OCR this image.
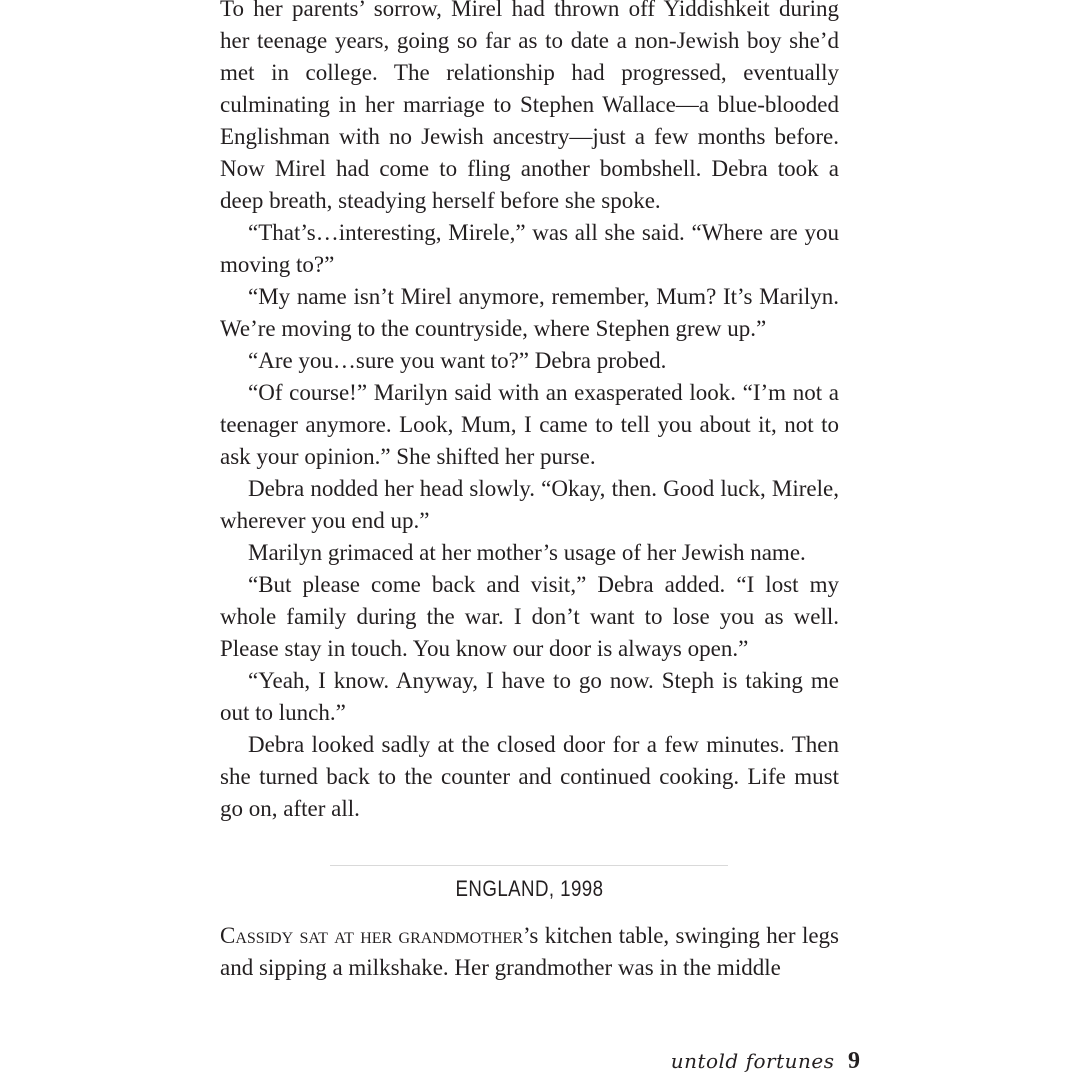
To her parents’ sorrow, Mirel had thrown off Yiddishkeit during her teenage years, going so far as to date a non-Jewish boy she’d met in college. The relationship had progressed, eventually culminating in her marriage to Stephen Wallace—a blue-blooded Englishman with no Jewish ancestry—just a few months before. Now Mirel had come to fling another bombshell. Debra took a deep breath, steadying herself before she spoke.

“That’s…interesting, Mirele,” was all she said. “Where are you moving to?”

“My name isn’t Mirel anymore, remember, Mum? It’s Marilyn. We’re moving to the countryside, where Stephen grew up.”

“Are you…sure you want to?” Debra probed.

“Of course!” Marilyn said with an exasperated look. “I’m not a teenager anymore. Look, Mum, I came to tell you about it, not to ask your opinion.” She shifted her purse.

Debra nodded her head slowly. “Okay, then. Good luck, Mirele, wherever you end up.”

Marilyn grimaced at her mother’s usage of her Jewish name.

“But please come back and visit,” Debra added. “I lost my whole family during the war. I don’t want to lose you as well. Please stay in touch. You know our door is always open.”

“Yeah, I know. Anyway, I have to go now. Steph is taking me out to lunch.”

Debra looked sadly at the closed door for a few minutes. Then she turned back to the counter and continued cooking. Life must go on, after all.

ENGLAND, 1998

Cassidy sat at her grandmother’s kitchen table, swinging her legs and sipping a milkshake. Her grandmother was in the middle

untold fortunes 9
